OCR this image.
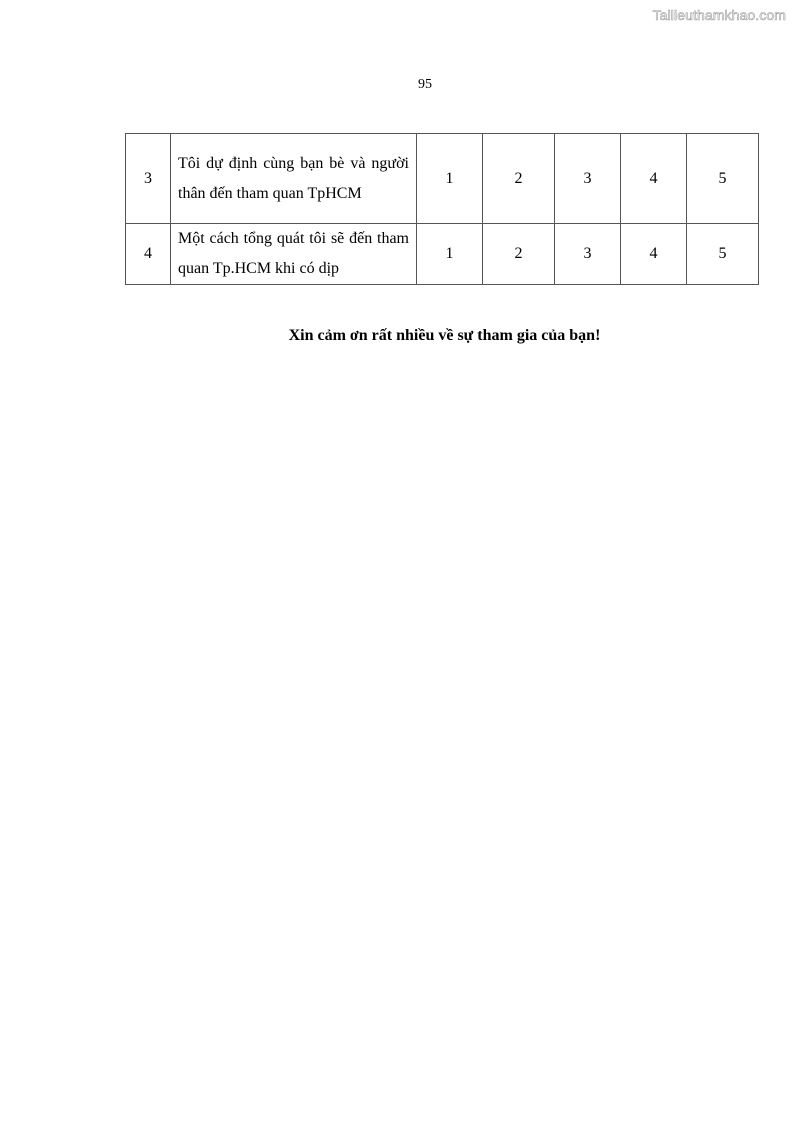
Tailieuthamkhao.com
95
3	Tôi dự định cùng bạn bè và người thân đến tham quan TpHCM	1	2	3	4	5
4	Một cách tổng quát tôi sẽ đến tham quan Tp.HCM khi có dịp	1	2	3	4	5
Xin cảm ơn rất nhiều về sự tham gia của bạn!
